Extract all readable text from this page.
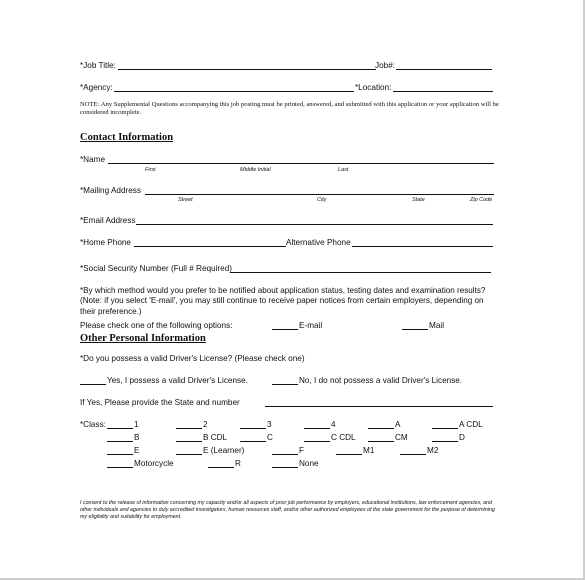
*Job Title:	Job#:
*Agency:	*Location:
NOTE: Any Supplemental Questions accompanying this job posting must be printed, answered, and submitted with this application or your application will be considered incomplete.
Contact Information
*Name
First	Middle Initial	Last
*Mailing Address
Street	City	State	Zip Code
*Email Address
*Home Phone	Alternative Phone
*Social Security Number (Full # Required)
*By which method would you prefer to be notified about application status, testing dates and examination results? (Note: if you select 'E-mail', you may still continue to receive paper notices from certain employers, depending on their preference.)
Please check one of the following options:	E-mail	Mail
Other Personal Information
*Do you possess a valid Driver's License? (Please check one)
Yes, I possess a valid Driver's License.	No, I do not possess a valid Driver's License.
If Yes, Please provide the State and number
*Class:	1	2	3	4	A	A CDL
B	B CDL	C	C CDL	CM	D
E	E (Learner)	F	M1	M2
Motorcycle	R	None
I consent to the release of information concerning my capacity and/or all aspects of prior job performance by employers, educational institutions, law enforcement agencies, and other individuals and agencies to duly accredited investigators, human resources staff, and/or other authorized employees of the state government for the purpose of determining my eligibility and suitability for employment.
